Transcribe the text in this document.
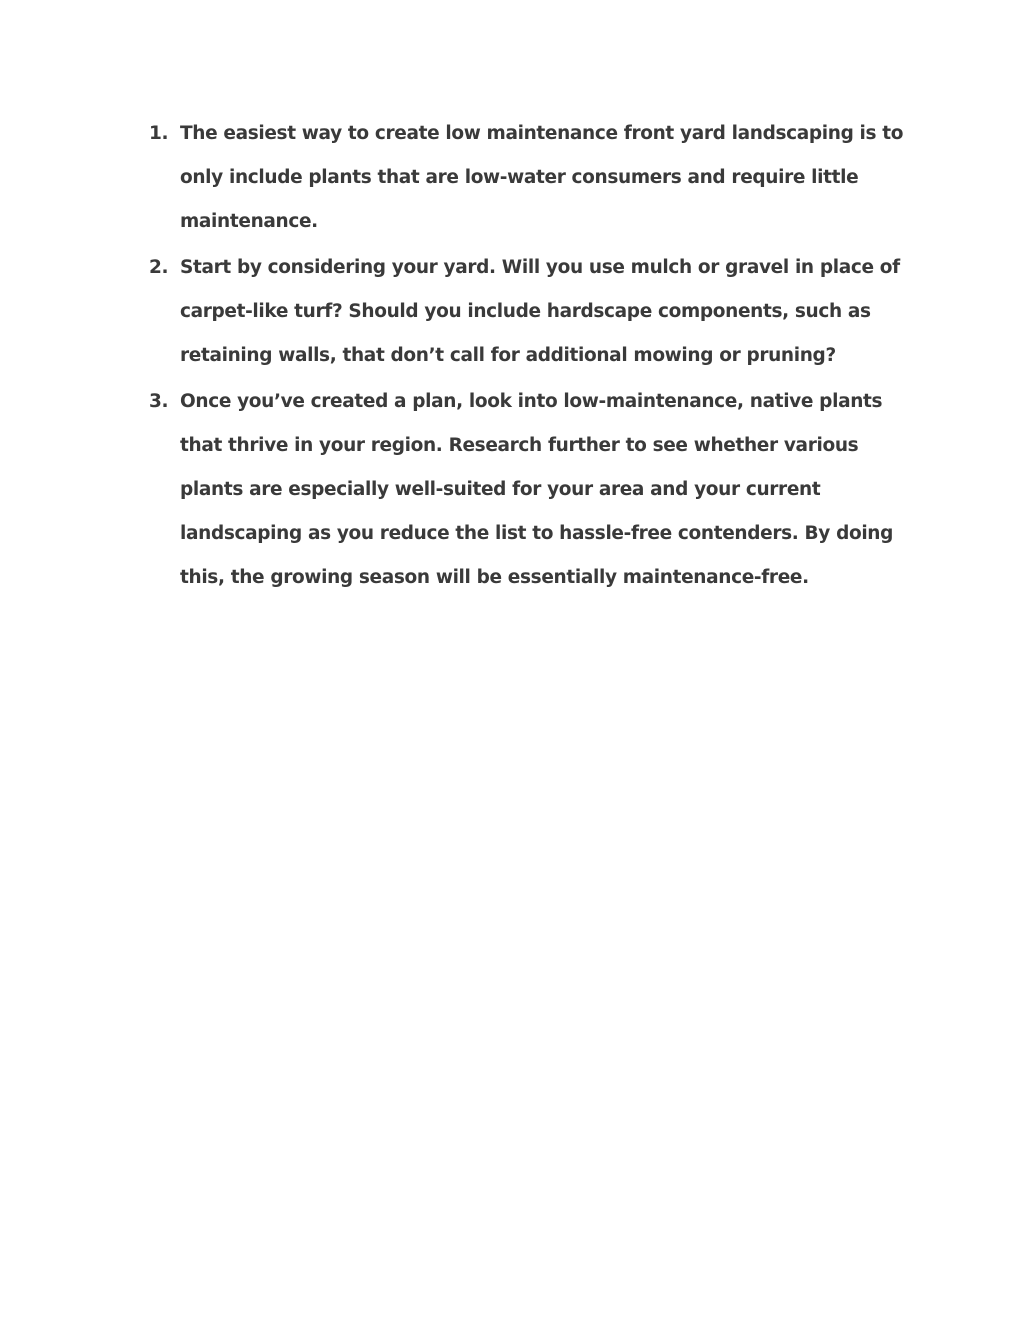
1. The easiest way to create low maintenance front yard landscaping is to only include plants that are low-water consumers and require little maintenance.
2. Start by considering your yard. Will you use mulch or gravel in place of carpet-like turf? Should you include hardscape components, such as retaining walls, that don’t call for additional mowing or pruning?
3. Once you’ve created a plan, look into low-maintenance, native plants that thrive in your region. Research further to see whether various plants are especially well-suited for your area and your current landscaping as you reduce the list to hassle-free contenders. By doing this, the growing season will be essentially maintenance-free.
